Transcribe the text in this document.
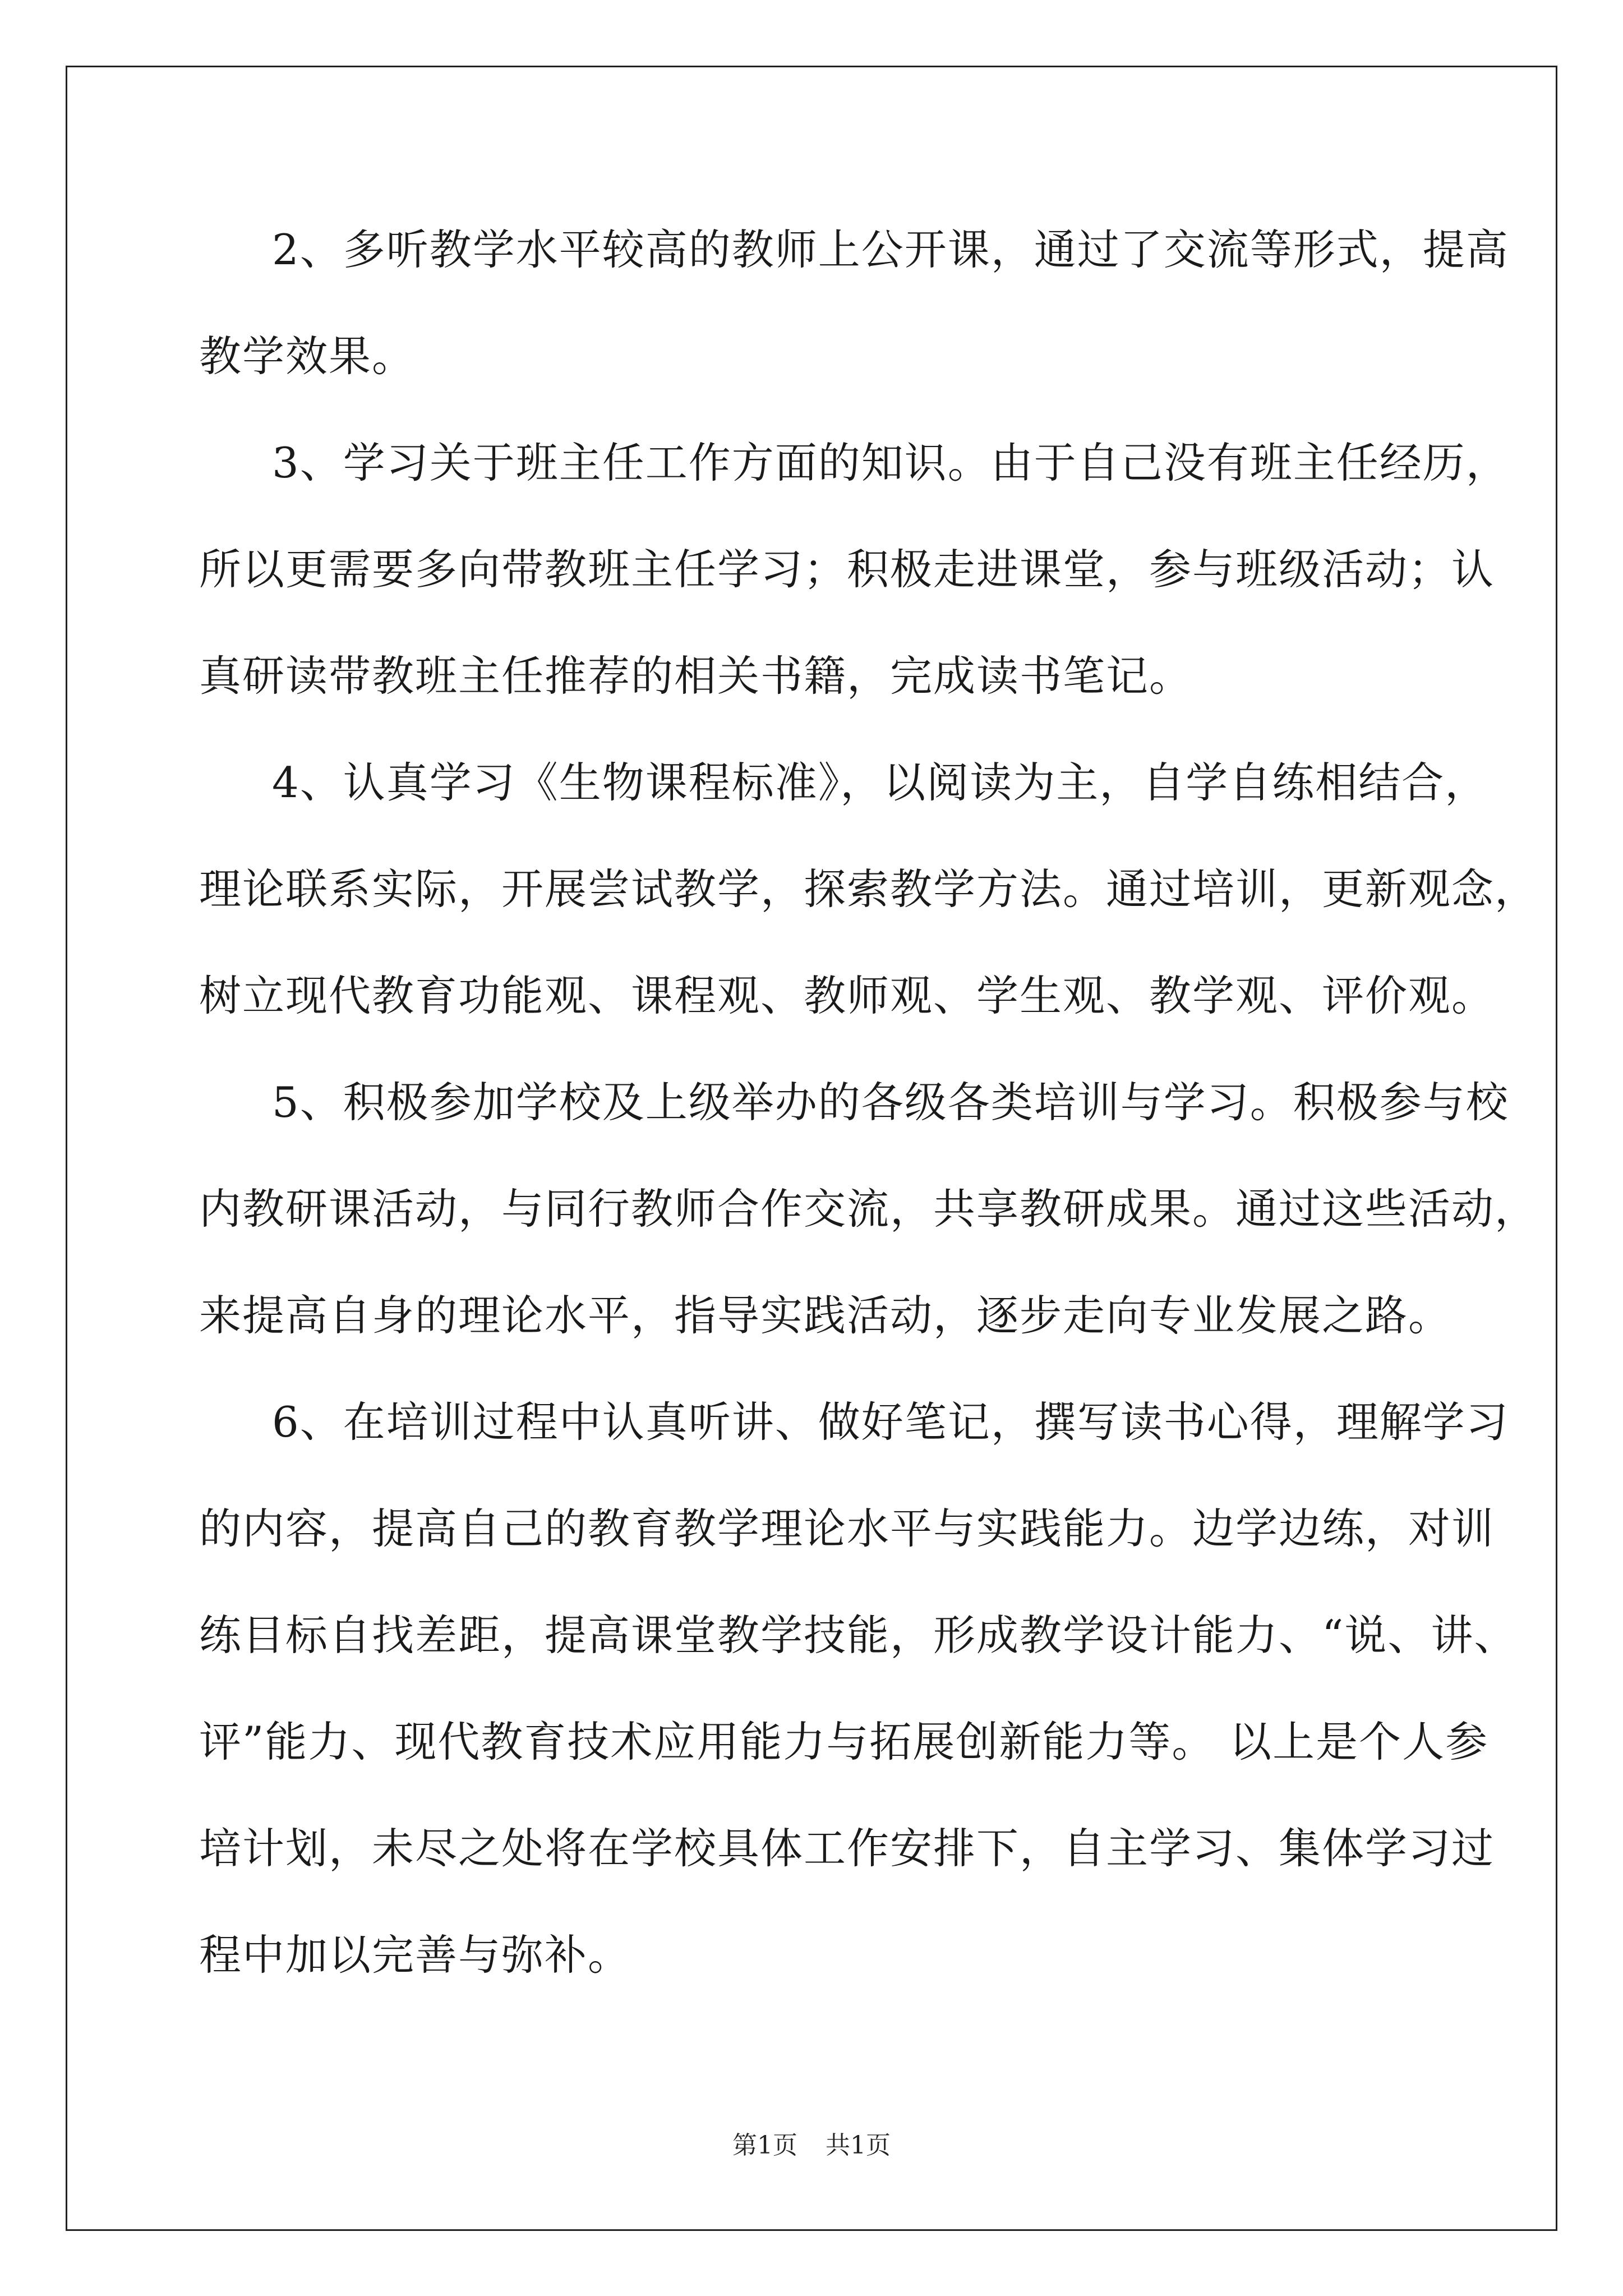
2、多听教学水平较高的教师上公开课，通过了交流等形式，提高
教学效果。
3、学习关于班主任工作方面的知识。由于自己没有班主任经历，
所以更需要多向带教班主任学习；积极走进课堂，参与班级活动；认
真研读带教班主任推荐的相关书籍，完成读书笔记。
4、认真学习《生物课程标准》，以阅读为主，自学自练相结合，
理论联系实际，开展尝试教学，探索教学方法。通过培训，更新观念，
树立现代教育功能观、课程观、教师观、学生观、教学观、评价观。
5、积极参加学校及上级举办的各级各类培训与学习。积极参与校
内教研课活动，与同行教师合作交流，共享教研成果。通过这些活动，
来提高自身的理论水平，指导实践活动，逐步走向专业发展之路。
6、在培训过程中认真听讲、做好笔记，撰写读书心得，理解学习
的内容，提高自己的教育教学理论水平与实践能力。边学边练，对训
练目标自找差距，提高课堂教学技能，形成教学设计能力、“说、讲、
评”能力、现代教育技术应用能力与拓展创新能力等。 以上是个人参
培计划，未尽之处将在学校具体工作安排下，自主学习、集体学习过
程中加以完善与弥补。
第1页 共1页
